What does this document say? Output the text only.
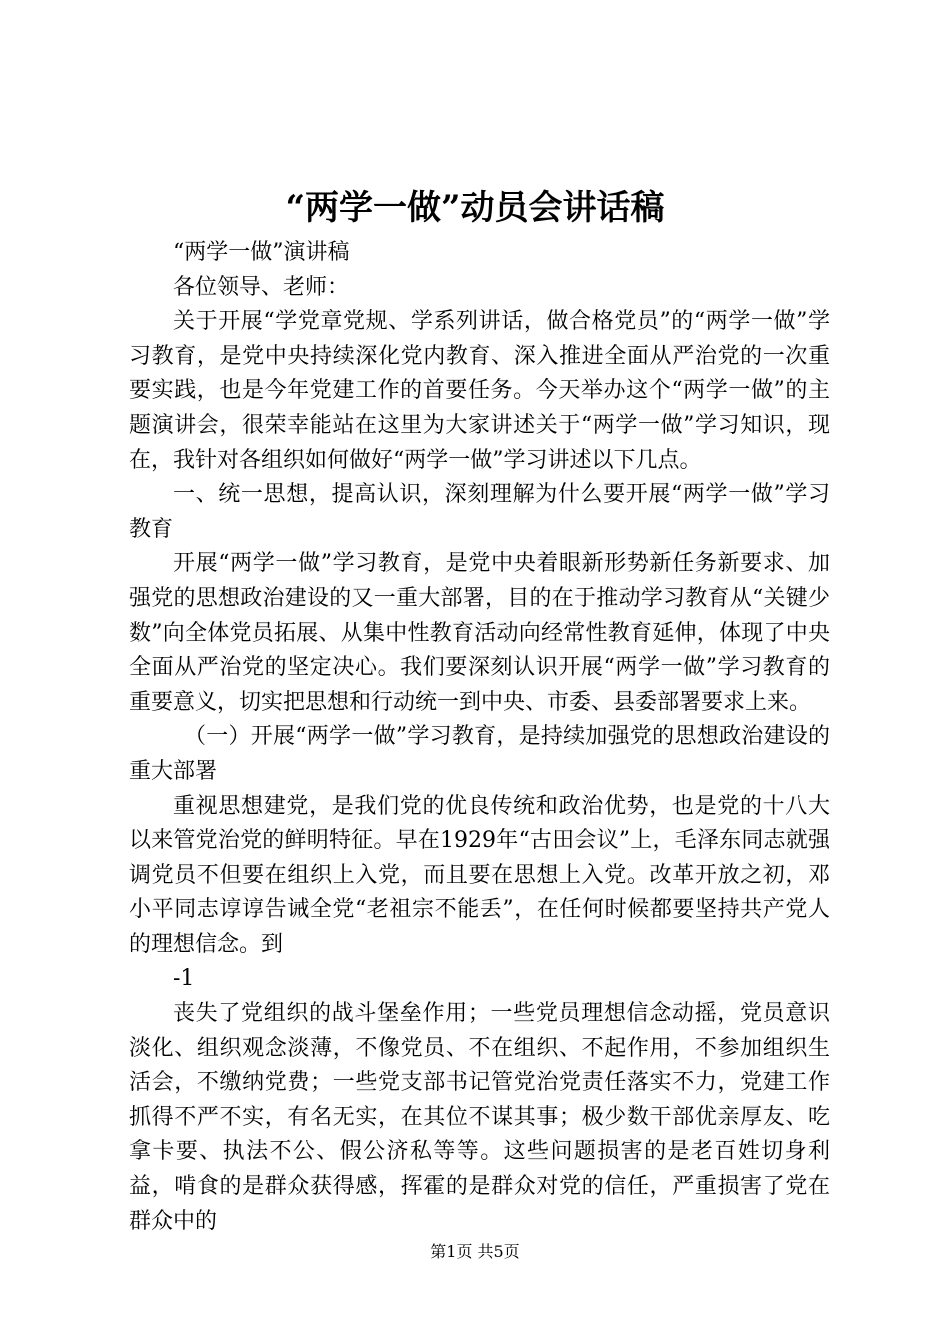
“两学一做”动员会讲话稿

“两学一做”演讲稿

各位领导、老师：

关于开展“学党章党规、学系列讲话，做合格党员”的“两学一做”学习教育，是党中央持续深化党内教育、深入推进全面从严治党的一次重要实践，也是今年党建工作的首要任务。今天举办这个“两学一做”的主题演讲会，很荣幸能站在这里为大家讲述关于“两学一做”学习知识，现在，我针对各组织如何做好“两学一做”学习讲述以下几点。

一、统一思想，提高认识，深刻理解为什么要开展“两学一做”学习教育

开展“两学一做”学习教育，是党中央着眼新形势新任务新要求、加强党的思想政治建设的又一重大部署，目的在于推动学习教育从“关键少数”向全体党员拓展、从集中性教育活动向经常性教育延伸，体现了中央全面从严治党的坚定决心。我们要深刻认识开展“两学一做”学习教育的重要意义，切实把思想和行动统一到中央、市委、县委部署要求上来。

（一）开展“两学一做”学习教育，是持续加强党的思想政治建设的重大部署

重视思想建党，是我们党的优良传统和政治优势，也是党的十八大以来管党治党的鲜明特征。早在1929年“古田会议”上，毛泽东同志就强调党员不但要在组织上入党，而且要在思想上入党。改革开放之初，邓小平同志谆谆告诫全党“老祖宗不能丢”，在任何时候都要坚持共产党人的理想信念。到

-1

丧失了党组织的战斗堡垒作用；一些党员理想信念动摇，党员意识淡化、组织观念淡薄，不像党员、不在组织、不起作用，不参加组织生活会，不缴纳党费；一些党支部书记管党治党责任落实不力，党建工作抓得不严不实，有名无实，在其位不谋其事；极少数干部优亲厚友、吃拿卡要、执法不公、假公济私等等。这些问题损害的是老百姓切身利益，啃食的是群众获得感，挥霍的是群众对党的信任，严重损害了党在群众中的

第1页 共5页
